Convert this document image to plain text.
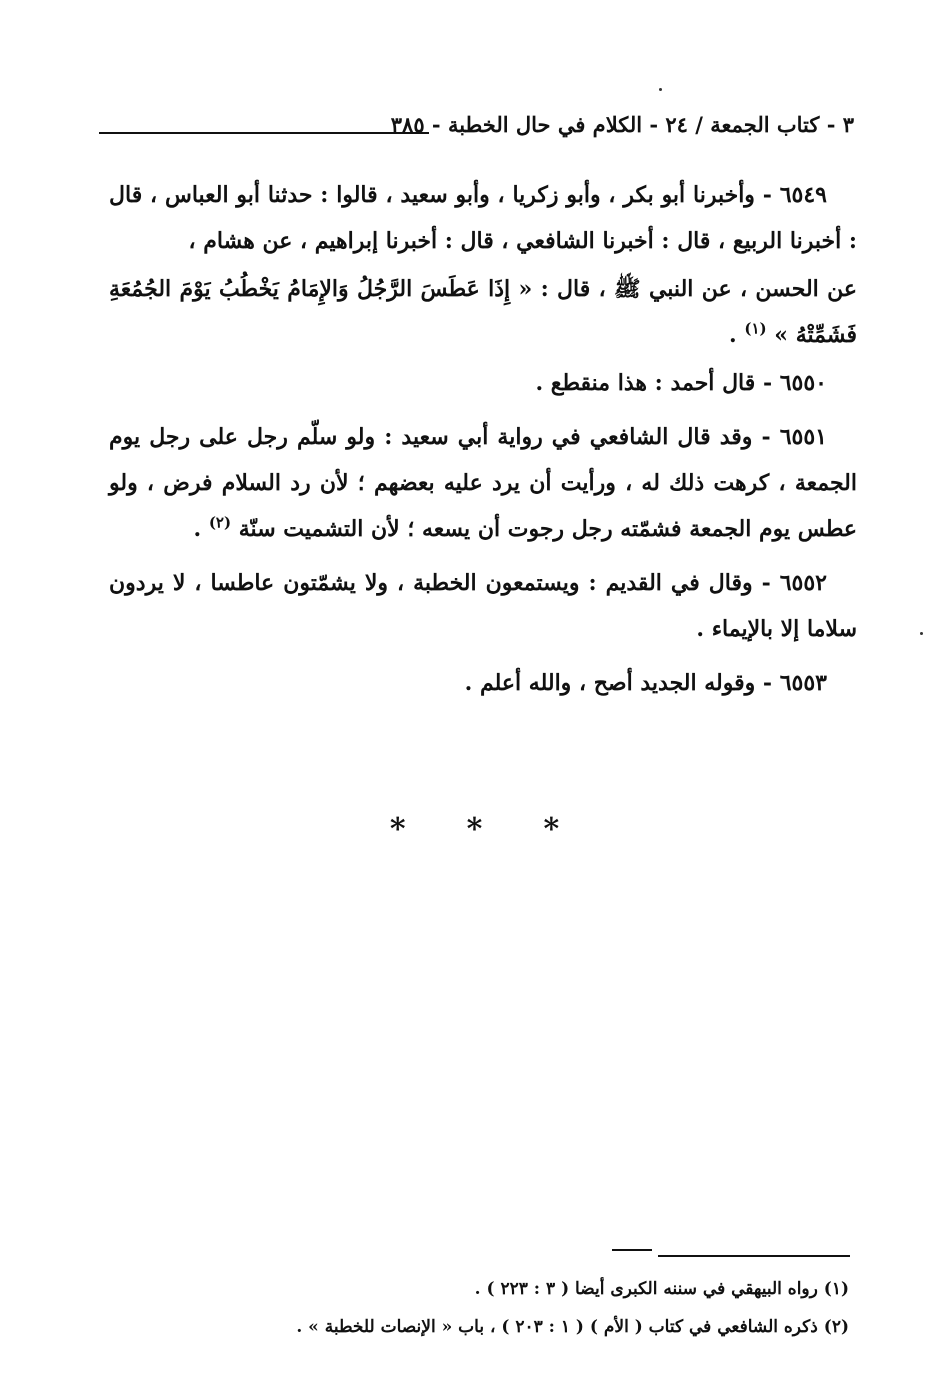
٣ - كتاب الجمعة / ٢٤ - الكلام في حال الخطبة - ٣٨٥

٦٥٤٩ - وأخبرنا أبو بكر ، وأبو زكريا ، وأبو سعيد ، قالوا : حدثنا أبو العباس ، قال : أخبرنا الربيع ، قال : أخبرنا الشافعي ، قال : أخبرنا إبراهيم ، عن هشام ،

عن الحسن ، عن النبي ﷺ ، قال : « إِذَا عَطَسَ الرَّجُلُ وَالإِمَامُ يَخْطُبُ يَوْمَ الجُمُعَةِ فَشَمِّتْهُ » $^{(١)}$ .

٦٥٥٠ - قال أحمد : هذا منقطع .

٦٥٥١ - وقد قال الشافعي في رواية أبي سعيد : ولو سلّم رجل على رجل يوم الجمعة ، كرهت ذلك له ، ورأيت أن يرد عليه بعضهم ؛ لأن رد السلام فرض ، ولو عطس يوم الجمعة فشمّته رجل رجوت أن يسعه ؛ لأن التشميت سنّة $^{(٢)}$ .

٦٥٥٢ - وقال في القديم : ويستمعون الخطبة ، ولا يشمّتون عاطسا ، لا يردون سلاما إلا بالإيماء .

٦٥٥٣ - وقوله الجديد أصح ، والله أعلم .

* * *

(١) رواه البيهقي في سننه الكبرى أيضا ( ٣ : ٢٢٣ ) .

(٢) ذكره الشافعي في كتاب ( الأم ) ( ١ : ٢٠٣ ) ، باب « الإنصات للخطبة » .
